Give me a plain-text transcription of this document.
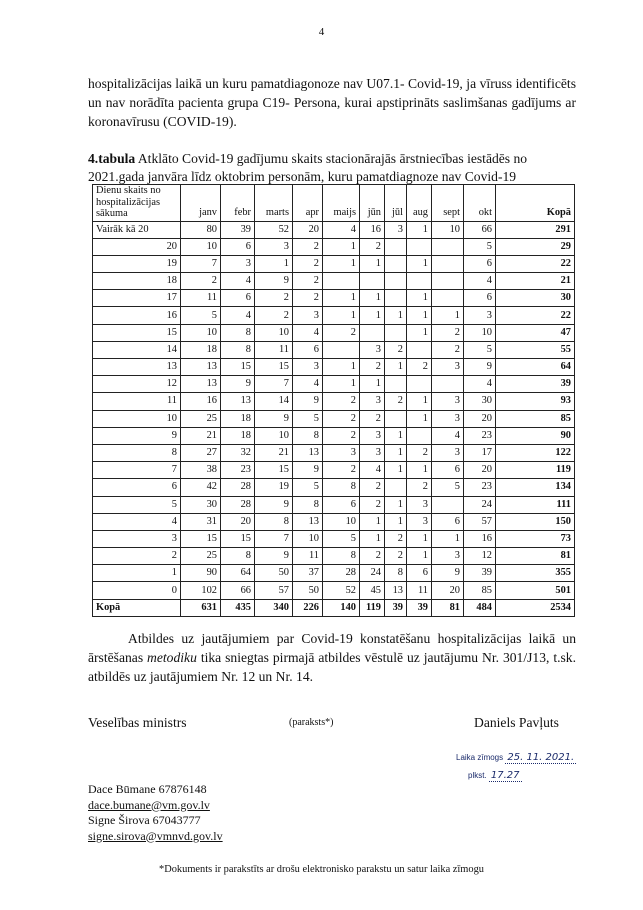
4

hospitalizācijas laikā un kuru pamatdiagonoze nav U07.1- Covid-19, ja vīruss identificēts un nav norādīta pacienta grupa C19- Persona, kurai apstiprināts saslimšanas gadījums ar koronavīrusu (COVID-19).

4.tabula Atklāto Covid-19 gadījumu skaits stacionārajās ārstniecības iestādēs no 2021.gada janvāra līdz oktobrim personām, kuru pamatdiagnoze nav Covid-19

Dienu skaits no hospitalizācijas sākuma	janv	febr	marts	apr	maijs	jūn	jūl	aug	sept	okt	Kopā
Vairāk kā 20	80	39	52	20	4	16	3	1	10	66	291
20	10	6	3	2	1	2				5	29
19	7	3	1	2	1	1		1		6	22
18	2	4	9	2						4	21
17	11	6	2	2	1	1		1		6	30
16	5	4	2	3	1	1	1	1	1	3	22
15	10	8	10	4	2			1	2	10	47
14	18	8	11	6		3	2		2	5	55
13	13	15	15	3	1	2	1	2	3	9	64
12	13	9	7	4	1	1				4	39
11	16	13	14	9	2	3	2	1	3	30	93
10	25	18	9	5	2	2		1	3	20	85
9	21	18	10	8	2	3	1		4	23	90
8	27	32	21	13	3	3	1	2	3	17	122
7	38	23	15	9	2	4	1	1	6	20	119
6	42	28	19	5	8	2		2	5	23	134
5	30	28	9	8	6	2	1	3		24	111
4	31	20	8	13	10	1	1	3	6	57	150
3	15	15	7	10	5	1	2	1	1	16	73
2	25	8	9	11	8	2	2	1	3	12	81
1	90	64	50	37	28	24	8	6	9	39	355
0	102	66	57	50	52	45	13	11	20	85	501
Kopā	631	435	340	226	140	119	39	39	81	484	2534

Atbildes uz jautājumiem par Covid-19 konstatēšanu hospitalizācijas laikā un ārstēšanas metodiku tika sniegtas pirmajā atbildes vēstulē uz jautājumu Nr. 301/J13, t.sk. atbildēs uz jautājumiem Nr. 12 un Nr. 14.

Veselības ministrs	(paraksts*)	Daniels Pavļuts
Laika zīmogs 25. 11. 2021.
plkst. 17.27
Dace Būmane 67876148
dace.bumane@vm.gov.lv
Signe Širova 67043777
signe.sirova@vmnvd.gov.lv
*Dokuments ir parakstīts ar drošu elektronisko parakstu un satur laika zīmogu
